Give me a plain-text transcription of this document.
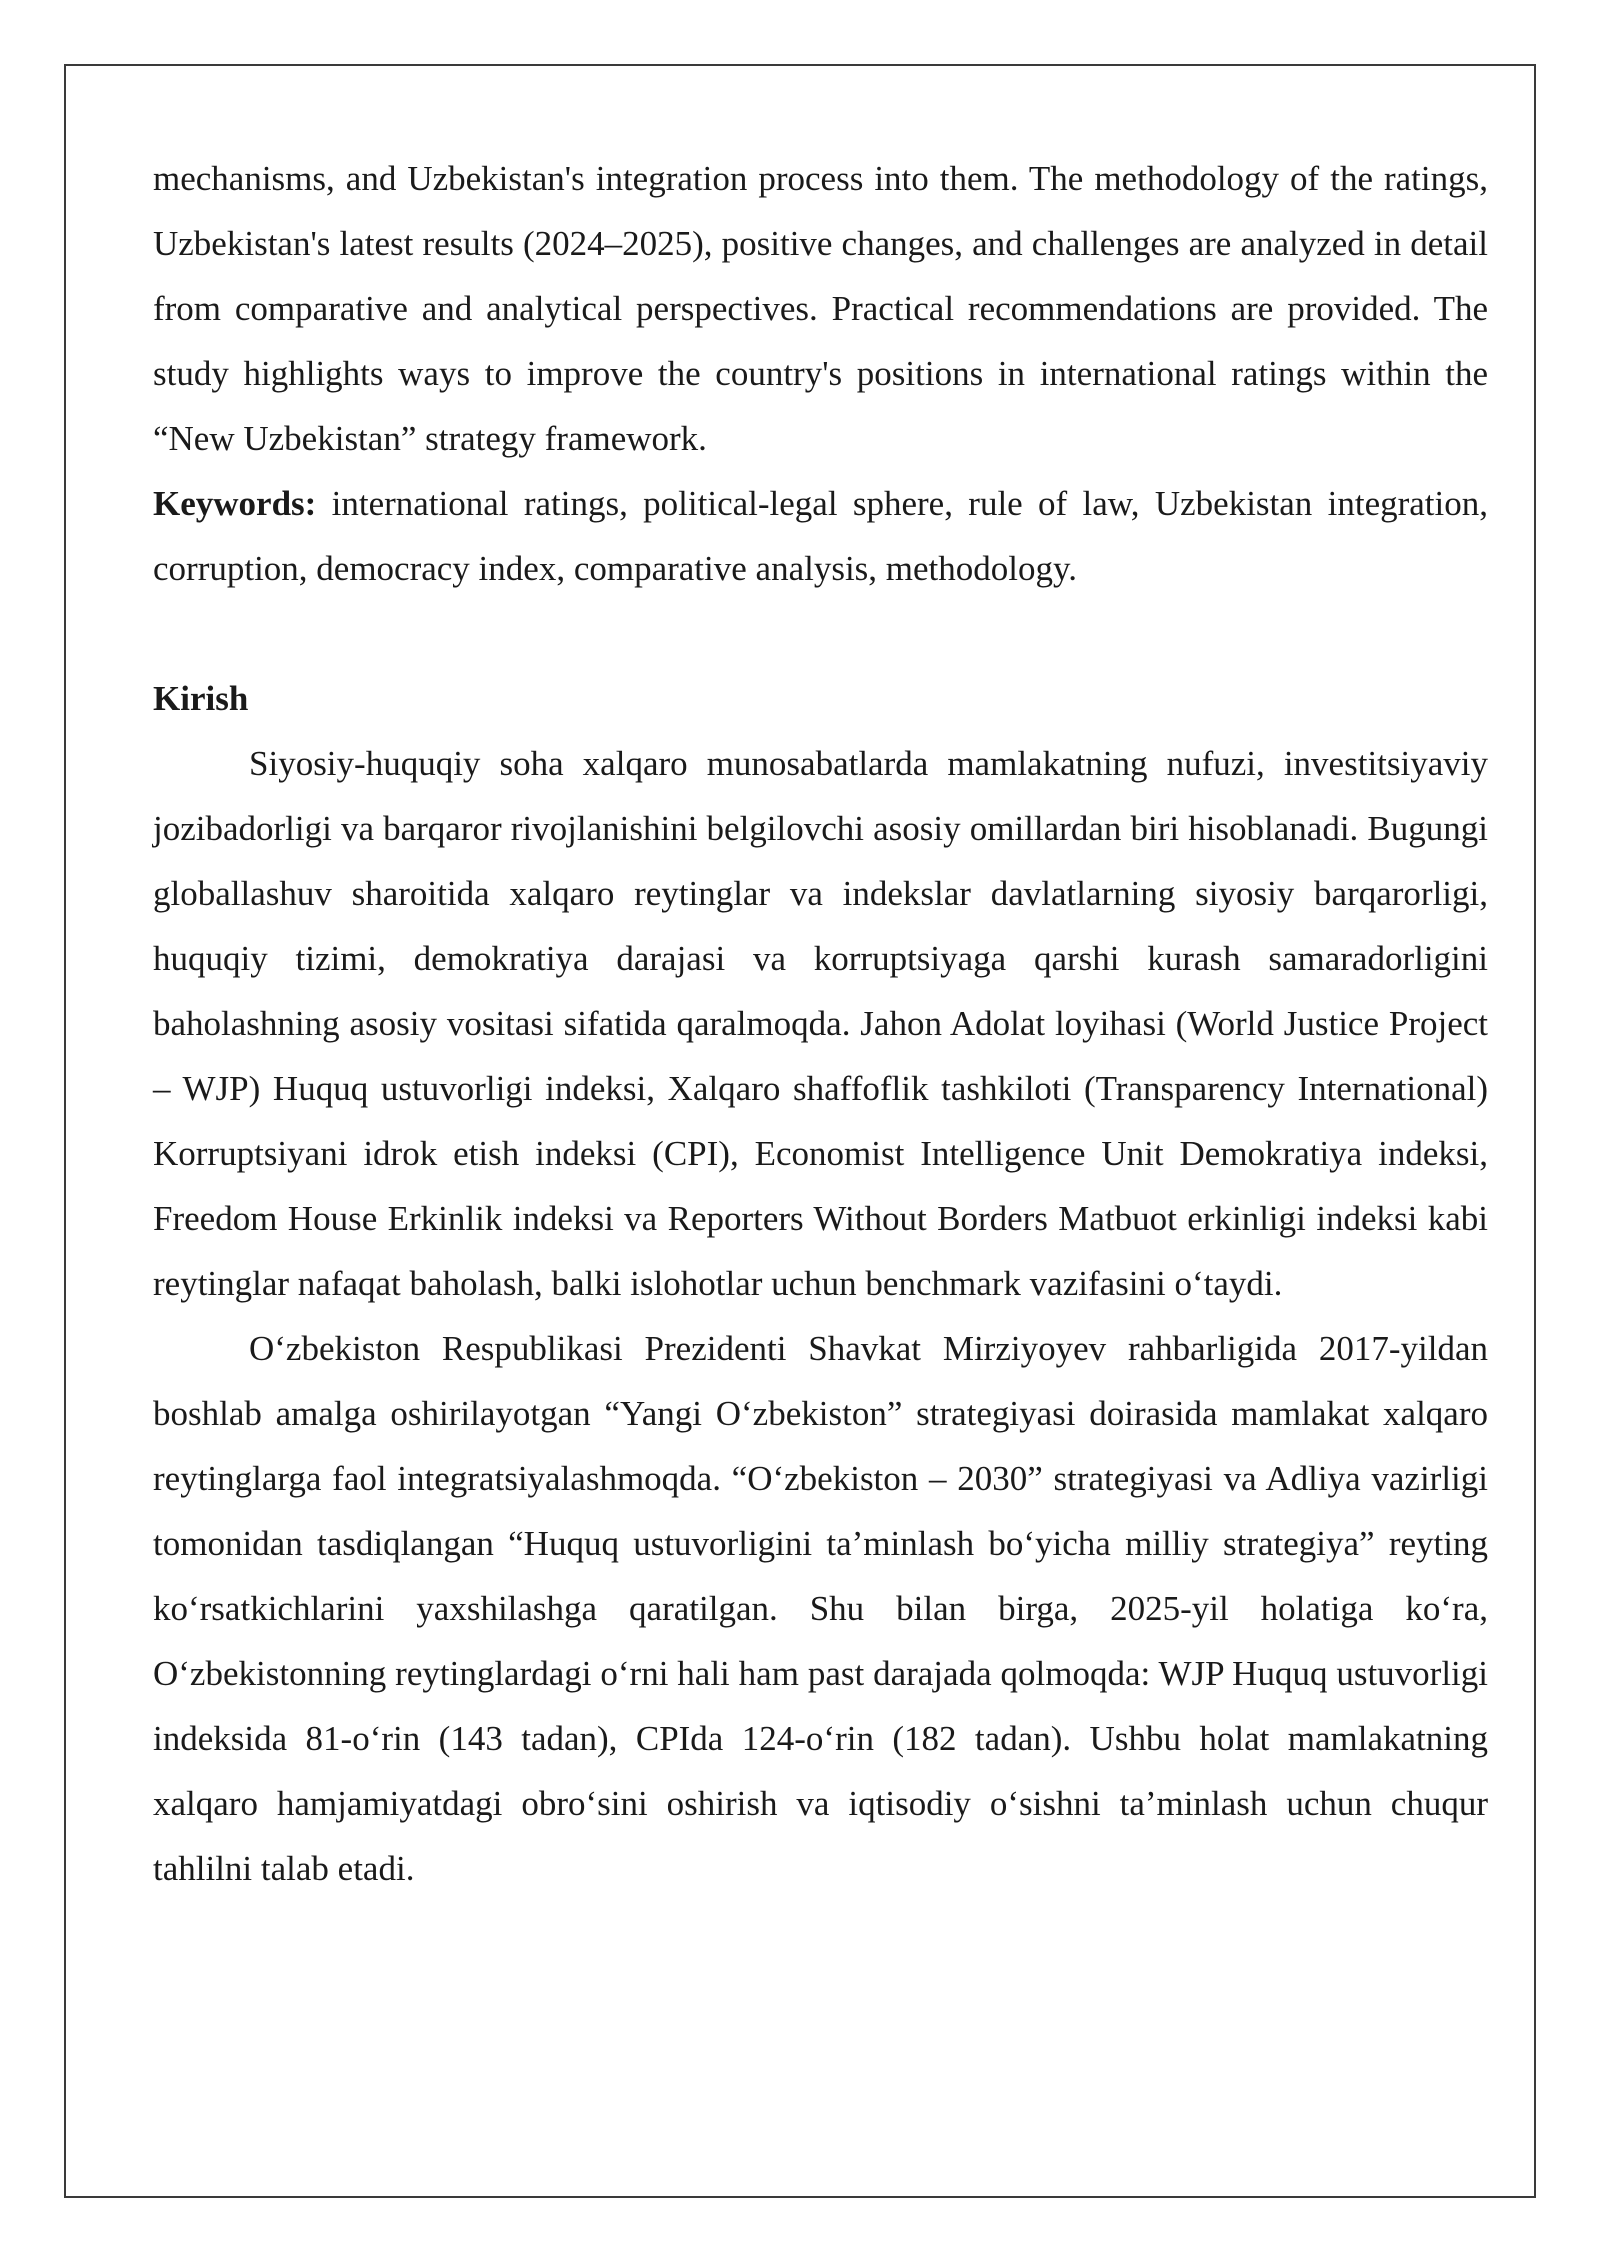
mechanisms, and Uzbekistan's integration process into them. The methodology of the ratings, Uzbekistan's latest results (2024–2025), positive changes, and challenges are analyzed in detail from comparative and analytical perspectives. Practical recommendations are provided. The study highlights ways to improve the country's positions in international ratings within the “New Uzbekistan” strategy framework.

Keywords: international ratings, political-legal sphere, rule of law, Uzbekistan integration, corruption, democracy index, comparative analysis, methodology.

Kirish

Siyosiy-huquqiy soha xalqaro munosabatlarda mamlakatning nufuzi, investitsiyaviy jozibadorligi va barqaror rivojlanishini belgilovchi asosiy omillardan biri hisoblanadi. Bugungi globallashuv sharoitida xalqaro reytinglar va indekslar davlatlarning siyosiy barqarorligi, huquqiy tizimi, demokratiya darajasi va korruptsiyaga qarshi kurash samaradorligini baholashning asosiy vositasi sifatida qaralmoqda. Jahon Adolat loyihasi (World Justice Project – WJP) Huquq ustuvorligi indeksi, Xalqaro shaffoflik tashkiloti (Transparency International) Korruptsiyani idrok etish indeksi (CPI), Economist Intelligence Unit Demokratiya indeksi, Freedom House Erkinlik indeksi va Reporters Without Borders Matbuot erkinligi indeksi kabi reytinglar nafaqat baholash, balki islohotlar uchun benchmark vazifasini oʻtaydi.

Oʻzbekiston Respublikasi Prezidenti Shavkat Mirziyoyev rahbarligida 2017-yildan boshlab amalga oshirilayotgan “Yangi Oʻzbekiston” strategiyasi doirasida mamlakat xalqaro reytinglarga faol integratsiyalashmoqda. “Oʻzbekiston – 2030” strategiyasi va Adliya vazirligi tomonidan tasdiqlangan “Huquq ustuvorligini ta’minlash boʻyicha milliy strategiya” reyting koʻrsatkichlarini yaxshilashga qaratilgan. Shu bilan birga, 2025-yil holatiga koʻra, Oʻzbekistonning reytinglardagi oʻrni hali ham past darajada qolmoqda: WJP Huquq ustuvorligi indeksida 81-oʻrin (143 tadan), CPIda 124-oʻrin (182 tadan). Ushbu holat mamlakatning xalqaro hamjamiyatdagi obroʻsini oshirish va iqtisodiy oʻsishni ta’minlash uchun chuqur tahlilni talab etadi.
